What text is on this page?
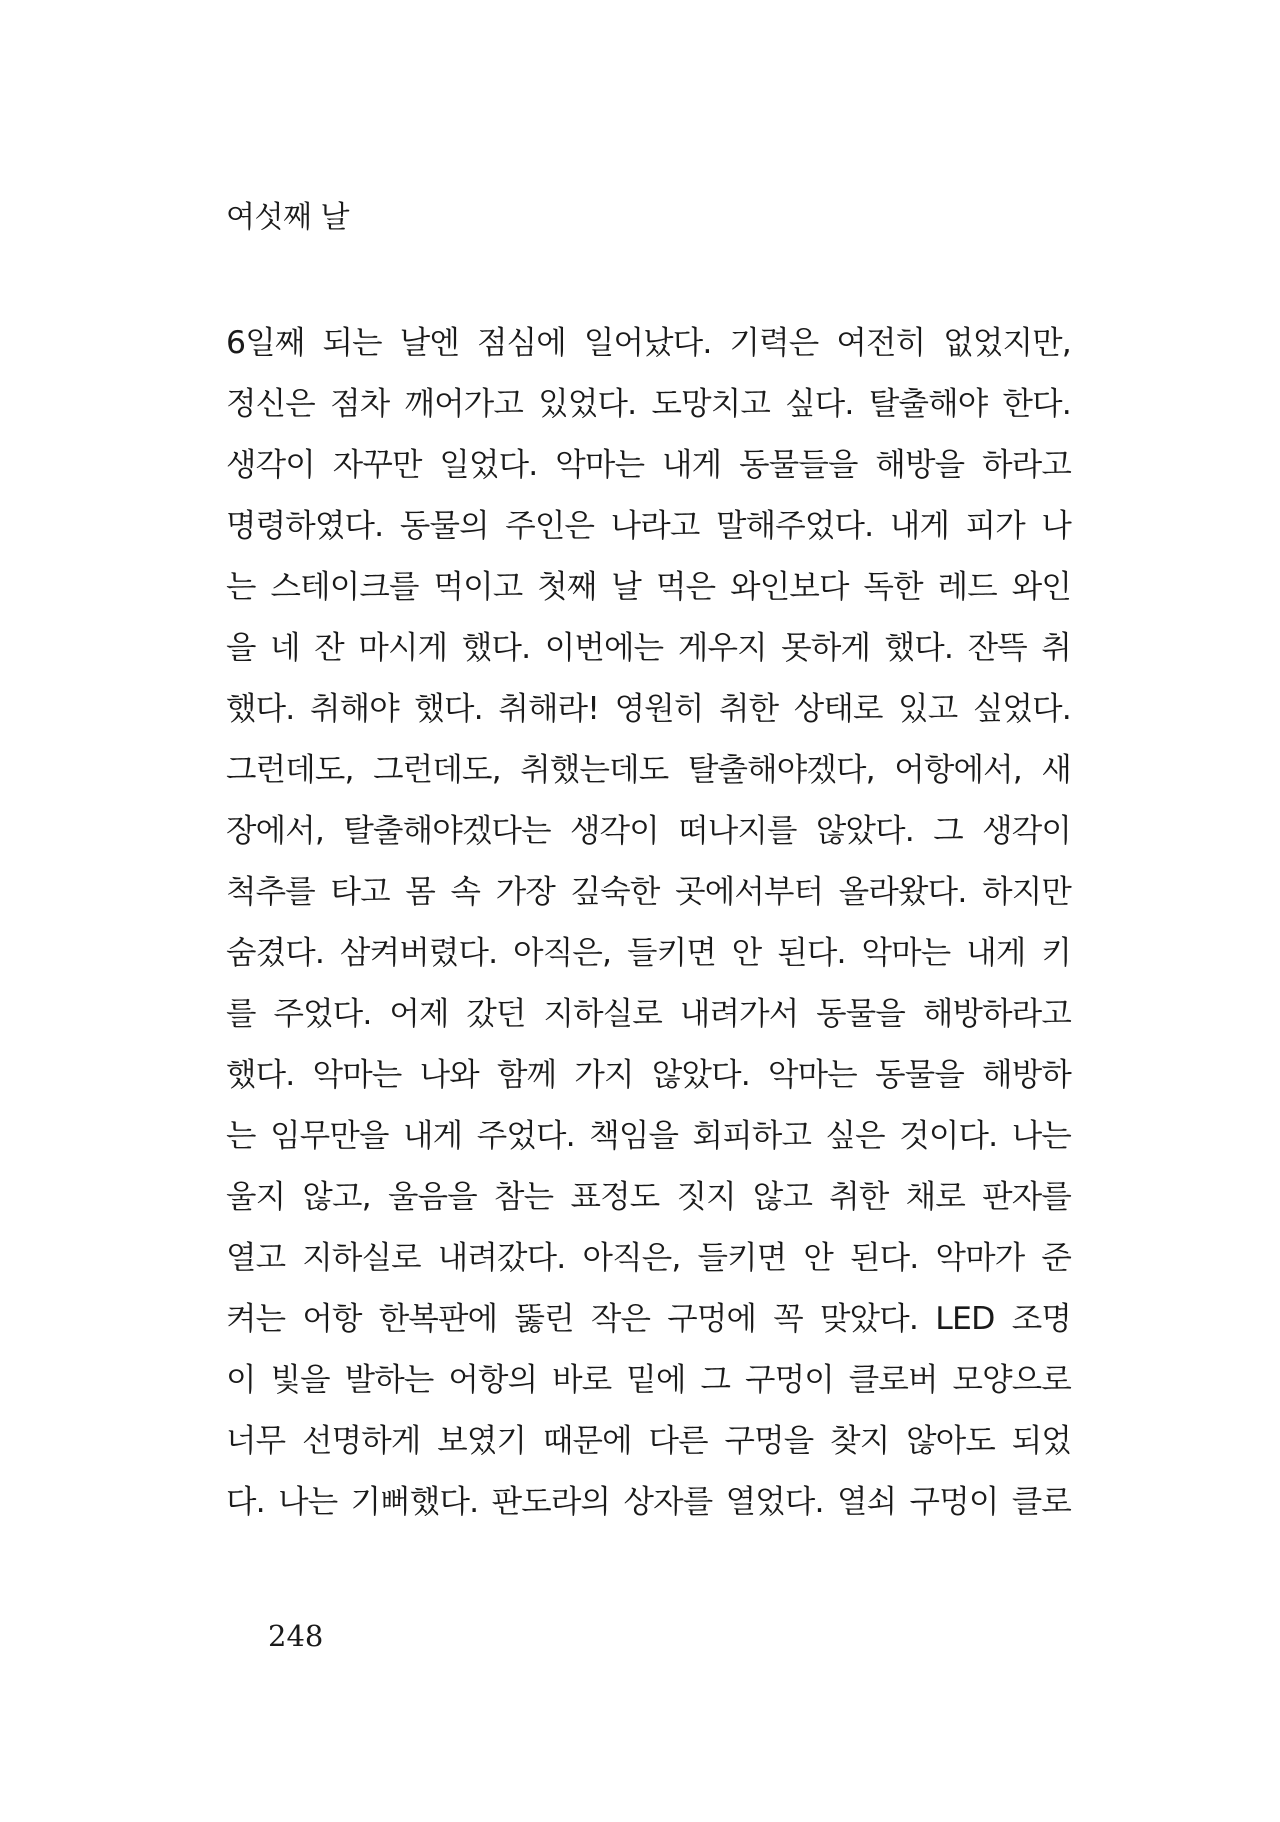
여섯째 날
6일째 되는 날엔 점심에 일어났다. 기력은 여전히 없었지만,
정신은 점차 깨어가고 있었다. 도망치고 싶다. 탈출해야 한다.
생각이 자꾸만 일었다. 악마는 내게 동물들을 해방을 하라고
명령하였다. 동물의 주인은 나라고 말해주었다. 내게 피가 나
는 스테이크를 먹이고 첫째 날 먹은 와인보다 독한 레드 와인
을 네 잔 마시게 했다. 이번에는 게우지 못하게 했다. 잔뜩 취
했다. 취해야 했다. 취해라! 영원히 취한 상태로 있고 싶었다.
그런데도, 그런데도, 취했는데도 탈출해야겠다, 어항에서, 새
장에서, 탈출해야겠다는 생각이 떠나지를 않았다. 그 생각이
척추를 타고 몸 속 가장 깊숙한 곳에서부터 올라왔다. 하지만
숨겼다. 삼켜버렸다. 아직은, 들키면 안 된다. 악마는 내게 키
를 주었다. 어제 갔던 지하실로 내려가서 동물을 해방하라고
했다. 악마는 나와 함께 가지 않았다. 악마는 동물을 해방하
는 임무만을 내게 주었다. 책임을 회피하고 싶은 것이다. 나는
울지 않고, 울음을 참는 표정도 짓지 않고 취한 채로 판자를
열고 지하실로 내려갔다. 아직은, 들키면 안 된다. 악마가 준
켜는 어항 한복판에 뚫린 작은 구멍에 꼭 맞았다. LED 조명
이 빛을 발하는 어항의 바로 밑에 그 구멍이 클로버 모양으로
너무 선명하게 보였기 때문에 다른 구멍을 찾지 않아도 되었
다. 나는 기뻐했다. 판도라의 상자를 열었다. 열쇠 구멍이 클로
248
